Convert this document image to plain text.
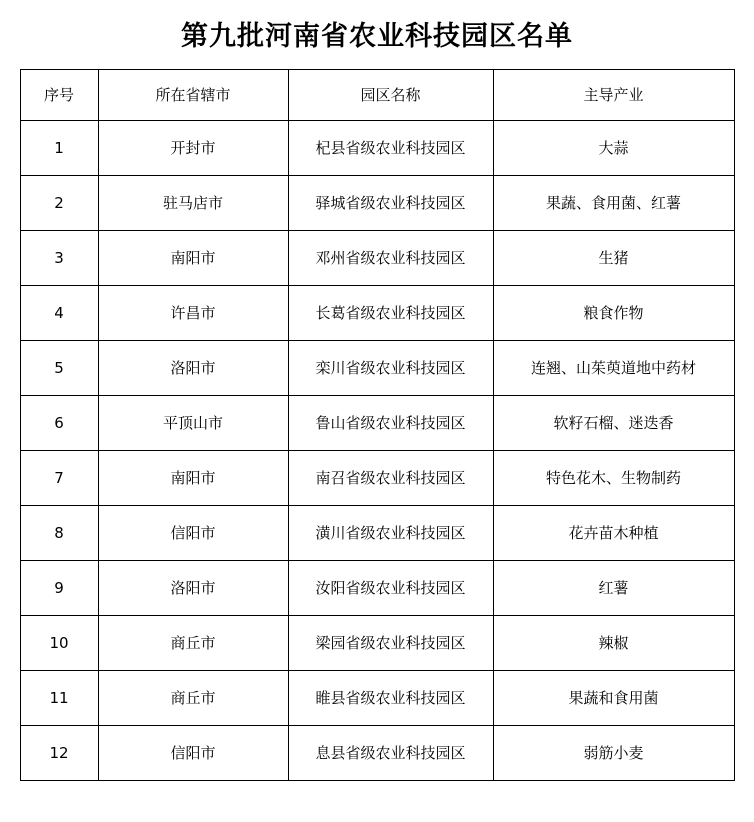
第九批河南省农业科技园区名单
序号	所在省辖市	园区名称	主导产业
1	开封市	杞县省级农业科技园区	大蒜
2	驻马店市	驿城省级农业科技园区	果蔬、食用菌、红薯
3	南阳市	邓州省级农业科技园区	生猪
4	许昌市	长葛省级农业科技园区	粮食作物
5	洛阳市	栾川省级农业科技园区	连翘、山茱萸道地中药材
6	平顶山市	鲁山省级农业科技园区	软籽石榴、迷迭香
7	南阳市	南召省级农业科技园区	特色花木、生物制药
8	信阳市	潢川省级农业科技园区	花卉苗木种植
9	洛阳市	汝阳省级农业科技园区	红薯
10	商丘市	梁园省级农业科技园区	辣椒
11	商丘市	睢县省级农业科技园区	果蔬和食用菌
12	信阳市	息县省级农业科技园区	弱筋小麦
